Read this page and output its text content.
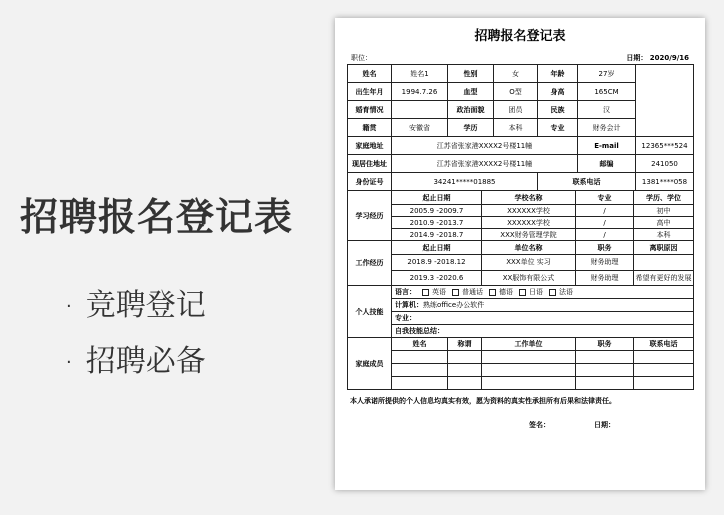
招聘报名登记表
· 竞聘登记
· 招聘必备
招聘报名登记表
职位：	日期： 2020/9/16
姓名	姓名1	性别	女	年龄	27岁	
出生年月	1994.7.26	血型	O型	身高	165CM	
婚育情况		政治面貌	团员	民族	汉	
籍贯	安徽省	学历	本科	专业	财务会计	
家庭地址	江苏省张家港XXXX2号楼11幢				E-mail	12365***524
现居住地址	江苏省张家港XXXX2号楼11幢				邮编	241050
身份证号	34241*****01885			联系电话		1381****058
学习经历	起止日期	学校名称	专业	学历、学位
	2005.9 -2009.7	XXXXXX学校	/	初中
	2010.9 -2013.7	XXXXXX学校	/	高中
	2014.9 -2018.7	XXX财务管理学院	/	本科
工作经历	起止日期	单位名称	职务	离职原因
	2018.9 -2018.12	XXX单位 实习	财务助理	
	2019.3 -2020.6	XX服饰有限公式	财务助理	希望有更好的发展
个人技能	语言： 英语 普通话 德语 日语 法语
计算机：熟练office办公软件
专业：
自我技能总结：
家庭成员	姓名	称谓	工作单位	职务	联系电话

本人承诺所提供的个人信息均真实有效，愿为资料的真实性承担所有后果和法律责任。
签名：	日期：
